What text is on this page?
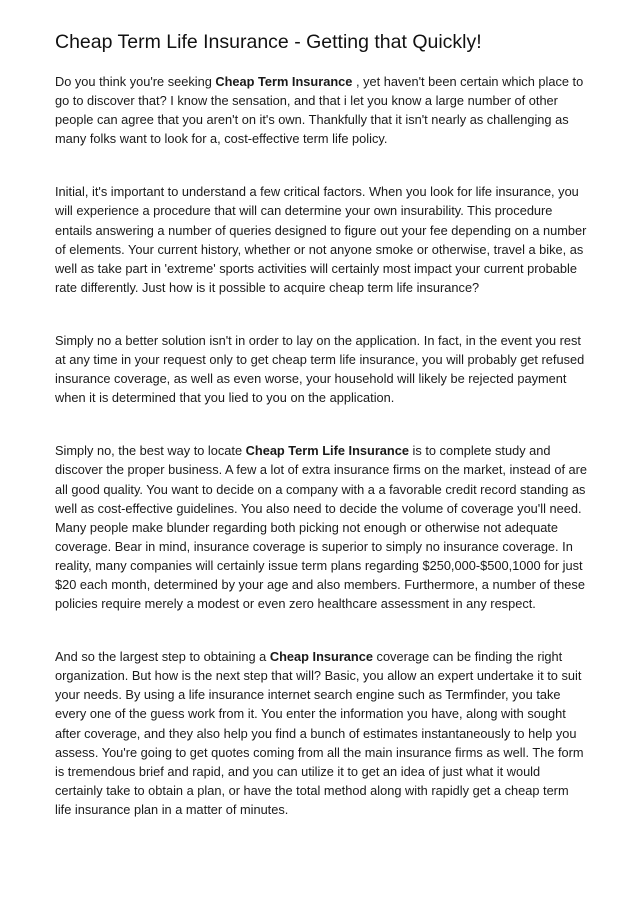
Cheap Term Life Insurance - Getting that Quickly!

Do you think you're seeking Cheap Term Insurance , yet haven't been certain which place to go to discover that? I know the sensation, and that i let you know a large number of other people can agree that you aren't on it's own. Thankfully that it isn't nearly as challenging as many folks want to look for a, cost-effective term life policy.

Initial, it's important to understand a few critical factors. When you look for life insurance, you will experience a procedure that will can determine your own insurability. This procedure entails answering a number of queries designed to figure out your fee depending on a number of elements. Your current history, whether or not anyone smoke or otherwise, travel a bike, as well as take part in 'extreme' sports activities will certainly most impact your current probable rate differently. Just how is it possible to acquire cheap term life insurance?

Simply no a better solution isn't in order to lay on the application. In fact, in the event you rest at any time in your request only to get cheap term life insurance, you will probably get refused insurance coverage, as well as even worse, your household will likely be rejected payment when it is determined that you lied to you on the application.

Simply no, the best way to locate Cheap Term Life Insurance is to complete study and discover the proper business. A few a lot of extra insurance firms on the market, instead of are all good quality. You want to decide on a company with a a favorable credit record standing as well as cost-effective guidelines. You also need to decide the volume of coverage you'll need. Many people make blunder regarding both picking not enough or otherwise not adequate coverage. Bear in mind, insurance coverage is superior to simply no insurance coverage. In reality, many companies will certainly issue term plans regarding $250,000-$500,1000 for just $20 each month, determined by your age and also members. Furthermore, a number of these policies require merely a modest or even zero healthcare assessment in any respect.

And so the largest step to obtaining a Cheap Insurance coverage can be finding the right organization. But how is the next step that will? Basic, you allow an expert undertake it to suit your needs. By using a life insurance internet search engine such as Termfinder, you take every one of the guess work from it. You enter the information you have, along with sought after coverage, and they also help you find a bunch of estimates instantaneously to help you assess. You're going to get quotes coming from all the main insurance firms as well. The form is tremendous brief and rapid, and you can utilize it to get an idea of just what it would certainly take to obtain a plan, or have the total method along with rapidly get a cheap term life insurance plan in a matter of minutes.
